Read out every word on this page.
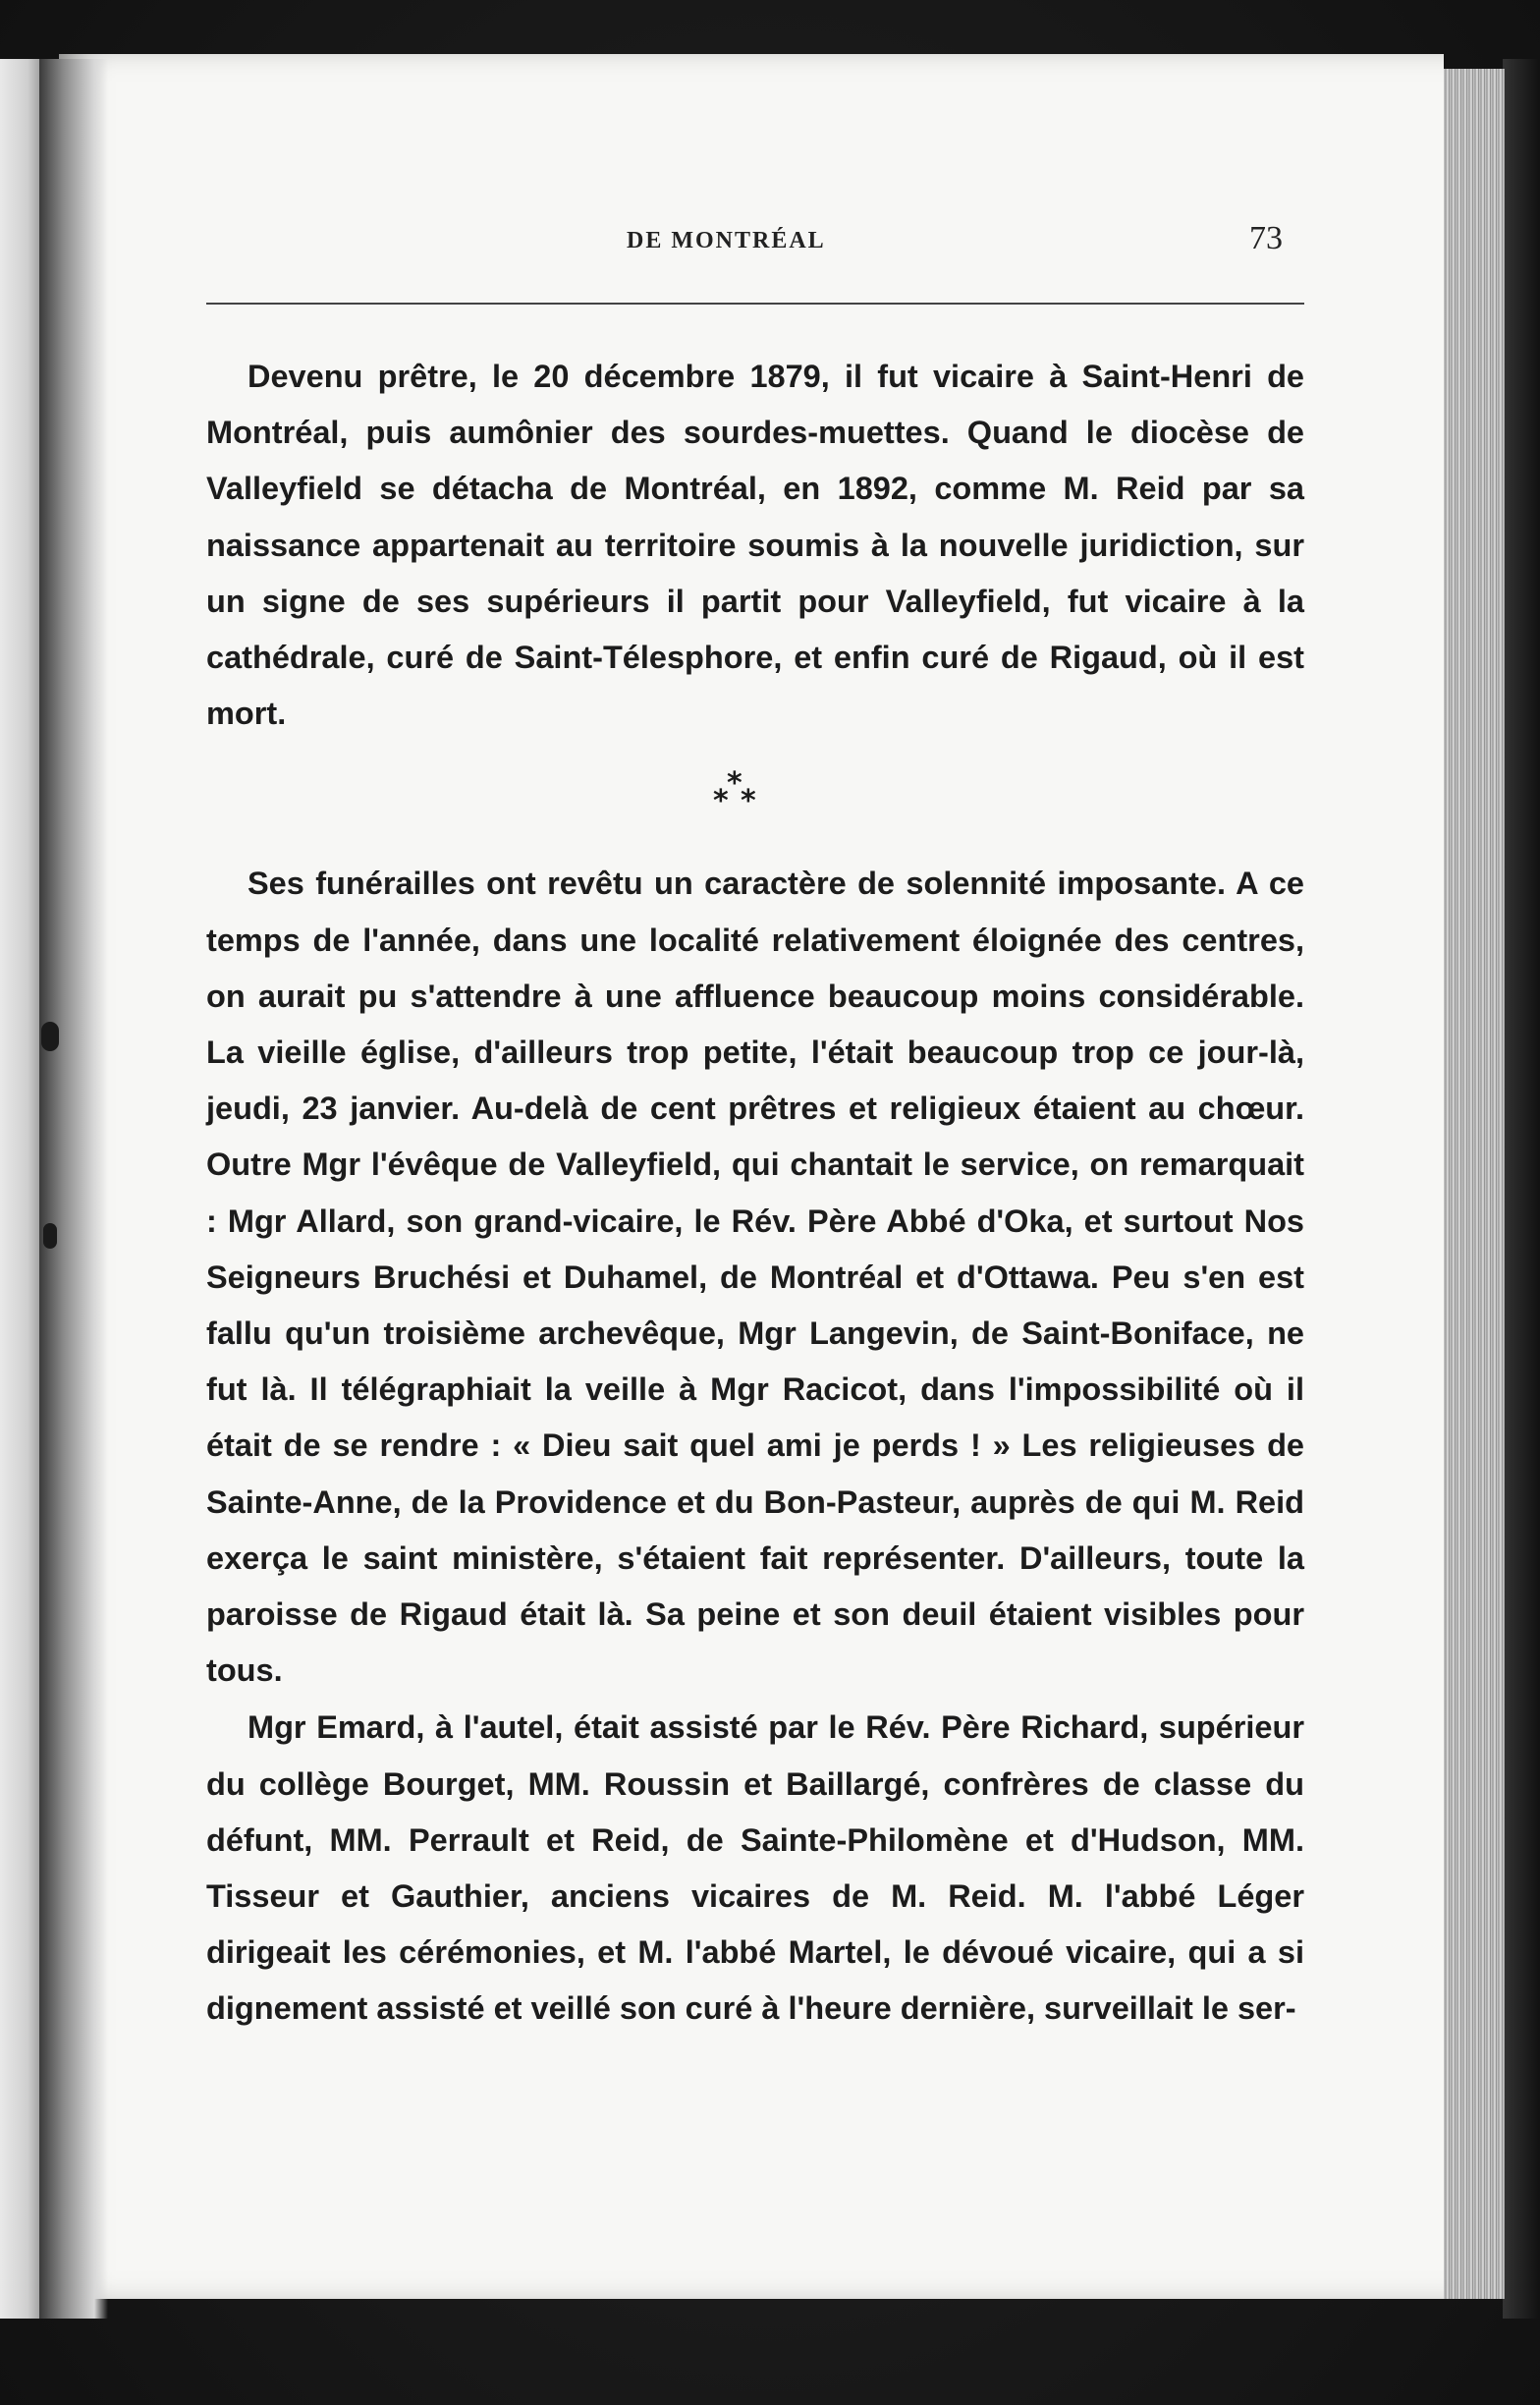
DE MONTRÉAL	73

Devenu prêtre, le 20 décembre 1879, il fut vicaire à Saint-Henri de Montréal, puis aumônier des sourdes-muettes. Quand le diocèse de Valleyfield se détacha de Montréal, en 1892, comme M. Reid par sa naissance appartenait au territoire soumis à la nouvelle juridiction, sur un signe de ses supérieurs il partit pour Valleyfield, fut vicaire à la cathédrale, curé de Saint-Télesphore, et enfin curé de Rigaud, où il est mort.

*
* *

Ses funérailles ont revêtu un caractère de solennité imposante. A ce temps de l'année, dans une localité relativement éloignée des centres, on aurait pu s'attendre à une affluence beaucoup moins considérable. La vieille église, d'ailleurs trop petite, l'était beaucoup trop ce jour-là, jeudi, 23 janvier. Au-delà de cent prêtres et religieux étaient au chœur. Outre Mgr l'évêque de Valleyfield, qui chantait le service, on remarquait : Mgr Allard, son grand-vicaire, le Rév. Père Abbé d'Oka, et surtout Nos Seigneurs Bruchési et Duhamel, de Montréal et d'Ottawa. Peu s'en est fallu qu'un troisième archevêque, Mgr Langevin, de Saint-Boniface, ne fut là. Il télégraphiait la veille à Mgr Racicot, dans l'impossibilité où il était de se rendre : « Dieu sait quel ami je perds ! » Les religieuses de Sainte-Anne, de la Providence et du Bon-Pasteur, auprès de qui M. Reid exerça le saint ministère, s'étaient fait représenter. D'ailleurs, toute la paroisse de Rigaud était là. Sa peine et son deuil étaient visibles pour tous.

Mgr Emard, à l'autel, était assisté par le Rév. Père Richard, supérieur du collège Bourget, MM. Roussin et Baillargé, confrères de classe du défunt, MM. Perrault et Reid, de Sainte-Philomène et d'Hudson, MM. Tisseur et Gauthier, anciens vicaires de M. Reid. M. l'abbé Léger dirigeait les cérémonies, et M. l'abbé Martel, le dévoué vicaire, qui a si dignement assisté et veillé son curé à l'heure dernière, surveillait le ser-
